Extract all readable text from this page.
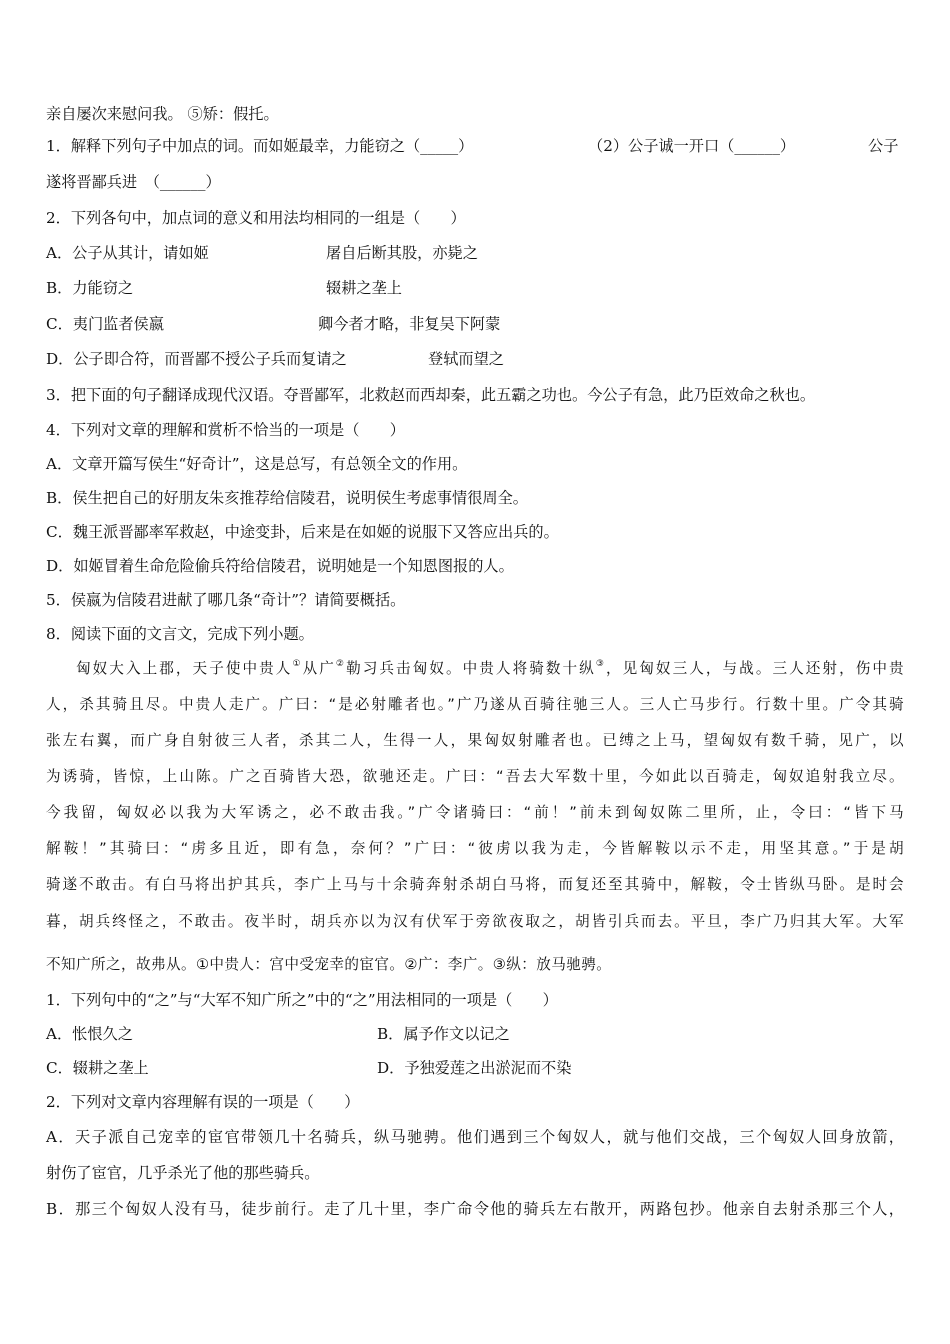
亲自屡次来慰问我。 ⑤矫：假托。
1．解释下列句子中加点的词。而如姬最幸，力能窃之（_____）	（2）公子诚一开口（______）	公子
遂将晋鄙兵进　（______）
2．下列各句中，加点词的意义和用法均相同的一组是（　　）
A．公子从其计，请如姬	屠自后断其股，亦毙之
B．力能窃之	辍耕之垄上
C．夷门监者侯嬴	卿今者才略，非复吴下阿蒙
D．公子即合符，而晋鄙不授公子兵而复请之	登轼而望之
3．把下面的句子翻译成现代汉语。夺晋鄙军，北救赵而西却秦，此五霸之功也。今公子有急，此乃臣效命之秋也。
4．下列对文章的理解和赏析不恰当的一项是（　　）
A．文章开篇写侯生“好奇计”，这是总写，有总领全文的作用。
B．侯生把自己的好朋友朱亥推荐给信陵君，说明侯生考虑事情很周全。
C．魏王派晋鄙率军救赵，中途变卦，后来是在如姬的说服下又答应出兵的。
D．如姬冒着生命危险偷兵符给信陵君，说明她是一个知恩图报的人。
5．侯嬴为信陵君进献了哪几条“奇计”？请简要概括。
8．阅读下面的文言文，完成下列小题。
匈奴大入上郡，天子使中贵人①从广②勒习兵击匈奴。中贵人将骑数十纵③，见匈奴三人，与战。三人还射，伤中贵
人，杀其骑且尽。中贵人走广。广曰：“是必射雕者也。”广乃遂从百骑往驰三人。三人亡马步行。行数十里。广令其骑
张左右翼，而广身自射彼三人者，杀其二人，生得一人，果匈奴射雕者也。已缚之上马，望匈奴有数千骑，见广，以
为诱骑，皆惊，上山陈。广之百骑皆大恐，欲驰还走。广曰：“吾去大军数十里，今如此以百骑走，匈奴追射我立尽。
今我留，匈奴必以我为大军诱之，必不敢击我。”广令诸骑曰：“前！”前未到匈奴陈二里所，止，令曰：“皆下马
解鞍！”其骑曰：“虏多且近，即有急，奈何？”广曰：“彼虏以我为走，今皆解鞍以示不走，用坚其意。”于是胡
骑遂不敢击。有白马将出护其兵，李广上马与十余骑奔射杀胡白马将，而复还至其骑中，解鞍，令士皆纵马卧。是时会
暮，胡兵终怪之，不敢击。夜半时，胡兵亦以为汉有伏军于旁欲夜取之，胡皆引兵而去。平旦，李广乃归其大军。大军
不知广所之，故弗从。①中贵人：宫中受宠幸的宦官。②广：李广。③纵：放马驰骋。
1．下列句中的“之”与“大军不知广所之”中的“之”用法相同的一项是（　　）
A．怅恨久之	B．属予作文以记之
C．辍耕之垄上	D．予独爱莲之出淤泥而不染
2．下列对文章内容理解有误的一项是（　　）
A．天子派自己宠幸的宦官带领几十名骑兵，纵马驰骋。他们遇到三个匈奴人，就与他们交战，三个匈奴人回身放箭，
射伤了宦官，几乎杀光了他的那些骑兵。
B．那三个匈奴人没有马，徒步前行。走了几十里，李广命令他的骑兵左右散开，两路包抄。他亲自去射杀那三个人，
